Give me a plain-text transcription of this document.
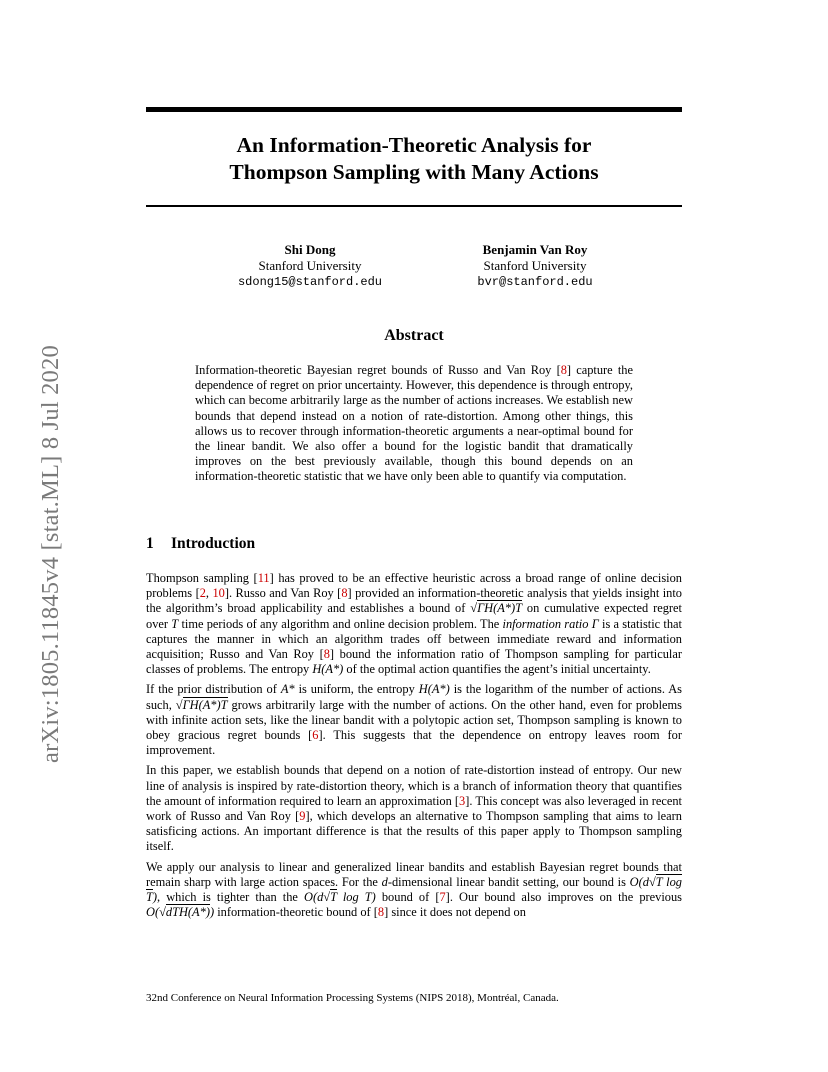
arXiv:1805.11845v4 [stat.ML] 8 Jul 2020
An Information-Theoretic Analysis for
Thompson Sampling with Many Actions
Shi Dong
Stanford University
sdong15@stanford.edu
Benjamin Van Roy
Stanford University
bvr@stanford.edu
Abstract
Information-theoretic Bayesian regret bounds of Russo and Van Roy [ 8 ] capture the dependence of regret on prior uncertainty. However, this dependence is through entropy, which can become arbitrarily large as the number of actions increases. We establish new bounds that depend instead on a notion of rate-distortion. Among other things, this allows us to recover through information-theoretic arguments a near-optimal bound for the linear bandit. We also offer a bound for the logistic bandit that dramatically improves on the best previously available, though this bound depends on an information-theoretic statistic that we have only been able to quantify via computation.
1 Introduction

Thompson sampling [ 11 ] has proved to be an effective heuristic across a broad range of online decision problems [ 2, 10 ] . Russo and Van Roy [ 8 ] provided an information-theoretic analysis that yields insight into the algorithm’s broad applicability and establishes a bound of √ΓH(A*)T on cumulative expected regret over T time periods of any algorithm and online decision problem. The information ratio Γ is a statistic that captures the manner in which an algorithm trades off between immediate reward and information acquisition; Russo and Van Roy [ 8 ] bound the information ratio of Thompson sampling for particular classes of problems. The entropy H(A*) of the optimal action quantifies the agent’s initial uncertainty.

If the prior distribution of A* is uniform, the entropy H(A*) is the logarithm of the number of actions. As such, √ΓH(A*)T grows arbitrarily large with the number of actions. On the other hand, even for problems with infinite action sets, like the linear bandit with a polytopic action set, Thompson sampling is known to obey gracious regret bounds [ 6 ] . This suggests that the dependence on entropy leaves room for improvement.

In this paper, we establish bounds that depend on a notion of rate-distortion instead of entropy. Our new line of analysis is inspired by rate-distortion theory, which is a branch of information theory that quantifies the amount of information required to learn an approximation [ 3 ] . This concept was also leveraged in recent work of Russo and Van Roy [ 9 ] , which develops an alternative to Thompson sampling that aims to learn satisficing actions. An important difference is that the results of this paper apply to Thompson sampling itself.

We apply our analysis to linear and generalized linear bandits and establish Bayesian regret bounds that remain sharp with large action spaces. For the d-dimensional linear bandit setting, our bound is O(d√T log T), which is tighter than the O(d√T log T) bound of [ 7 ] . Our bound also improves on the previous O(√dTH(A*)) information-theoretic bound of [ 8 ] since it does not depend on

32nd Conference on Neural Information Processing Systems (NIPS 2018), Montréal, Canada.
